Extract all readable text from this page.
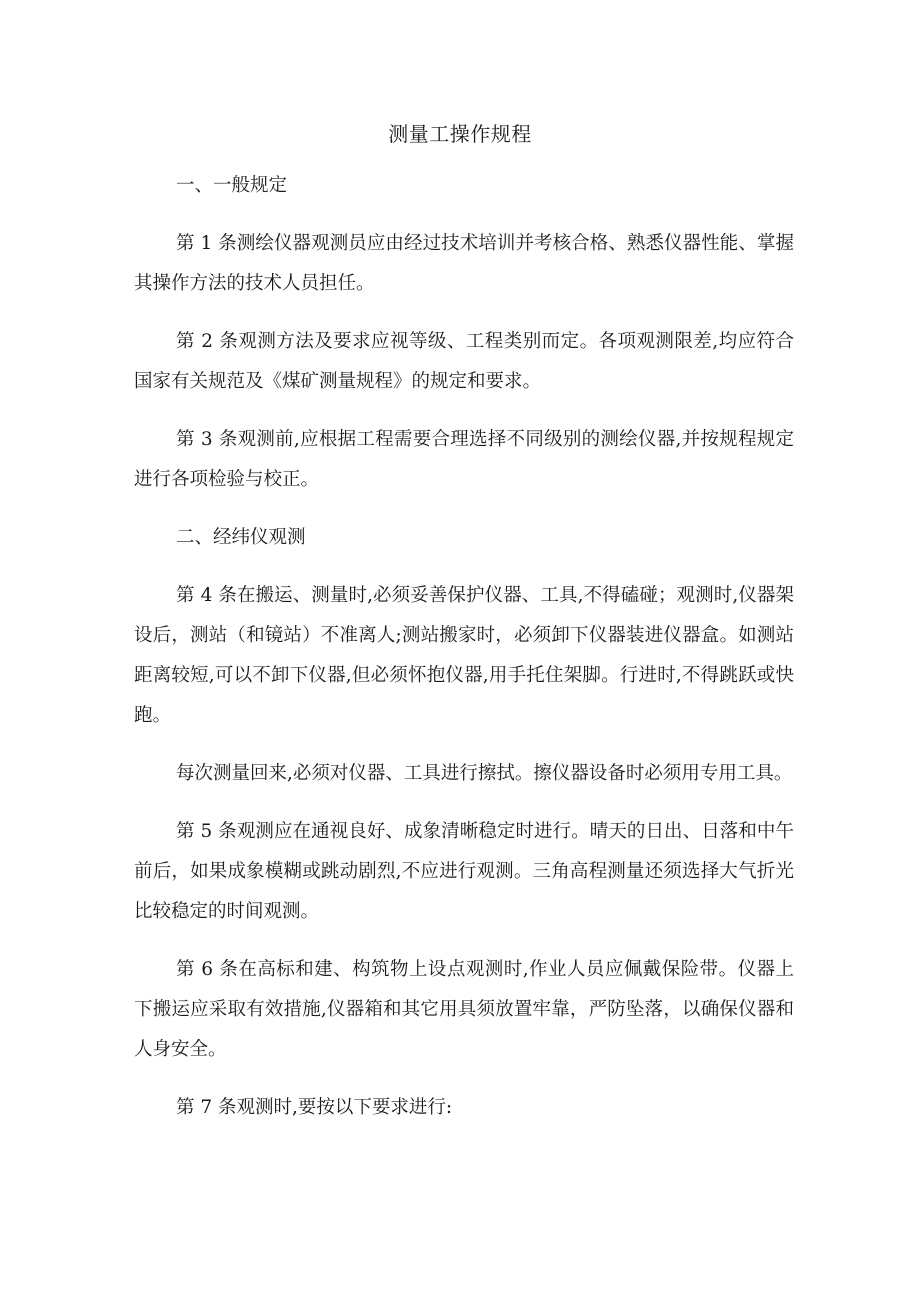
测量工操作规程

一、一般规定

第 1 条测绘仪器观测员应由经过技术培训并考核合格、熟悉仪器性能、掌握其操作方法的技术人员担任。

第 2 条观测方法及要求应视等级、工程类别而定。各项观测限差,均应符合国家有关规范及《煤矿测量规程》的规定和要求。

第 3 条观测前,应根据工程需要合理选择不同级别的测绘仪器,并按规程规定进行各项检验与校正。

二、经纬仪观测

第 4 条在搬运、测量时,必须妥善保护仪器、工具,不得磕碰；观测时,仪器架设后，测站（和镜站）不准离人;测站搬家时，必须卸下仪器装进仪器盒。如测站距离较短,可以不卸下仪器,但必须怀抱仪器,用手托住架脚。行进时,不得跳跃或快跑。

每次测量回来,必须对仪器、工具进行擦拭。擦仪器设备时必须用专用工具。

第 5 条观测应在通视良好、成象清晰稳定时进行。晴天的日出、日落和中午前后，如果成象模糊或跳动剧烈,不应进行观测。三角高程测量还须选择大气折光比较稳定的时间观测。

第 6 条在高标和建、构筑物上设点观测时,作业人员应佩戴保险带。仪器上下搬运应采取有效措施,仪器箱和其它用具须放置牢靠，严防坠落，以确保仪器和人身安全。

第 7 条观测时,要按以下要求进行:
